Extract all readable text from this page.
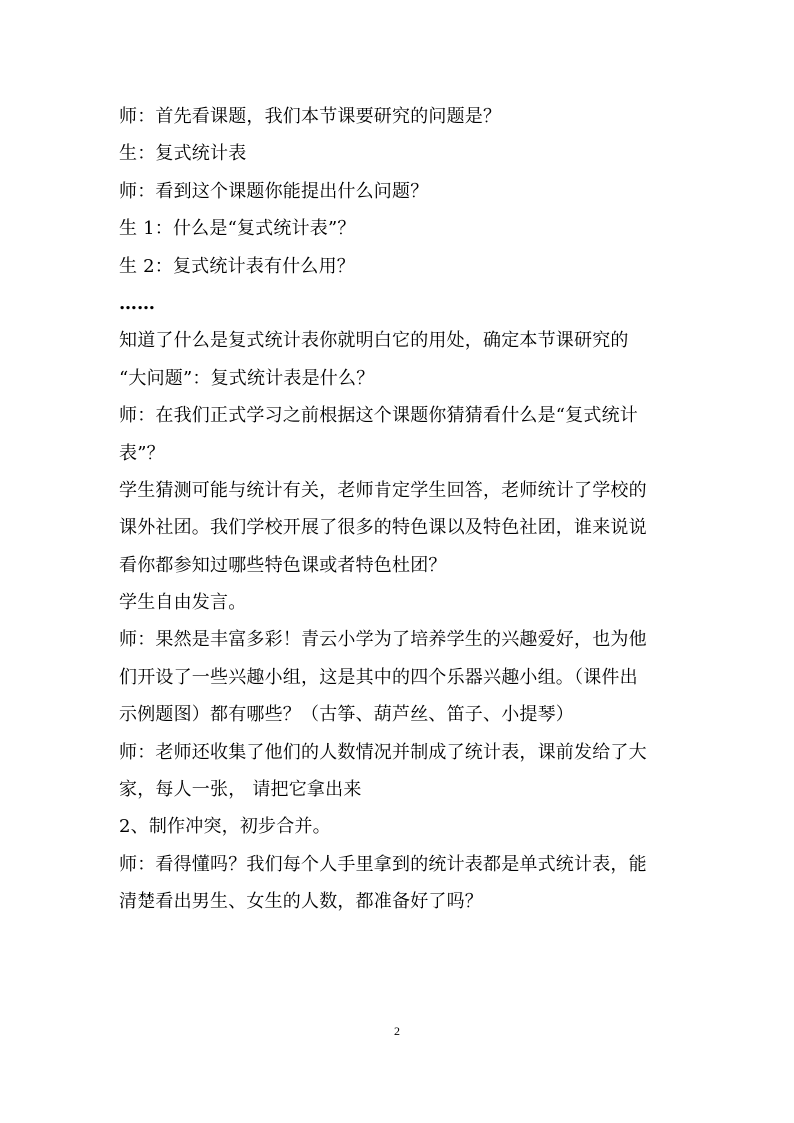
师：首先看课题，我们本节课要研究的问题是？
生：复式统计表
师：看到这个课题你能提出什么问题？
生 1：什么是“复式统计表”？
生 2：复式统计表有什么用？
……
知道了什么是复式统计表你就明白它的用处，确定本节课研究的
“大问题”：复式统计表是什么？
师：在我们正式学习之前根据这个课题你猜猜看什么是“复式统计
表”？
学生猜测可能与统计有关，老师肯定学生回答，老师统计了学校的
课外社团。我们学校开展了很多的特色课以及特色社团，谁来说说
看你都参知过哪些特色课或者特色杜团？
学生自由发言。
师：果然是丰富多彩！青云小学为了培养学生的兴趣爱好，也为他
们开设了一些兴趣小组，这是其中的四个乐器兴趣小组。（课件出
示例题图）都有哪些？（古筝、葫芦丝、笛子、小提琴）
师：老师还收集了他们的人数情况并制成了统计表，课前发给了大
家，每人一张， 请把它拿出来
2、制作冲突，初步合并。
师：看得懂吗？我们每个人手里拿到的统计表都是单式统计表，能
清楚看出男生、女生的人数，都准备好了吗？
2
